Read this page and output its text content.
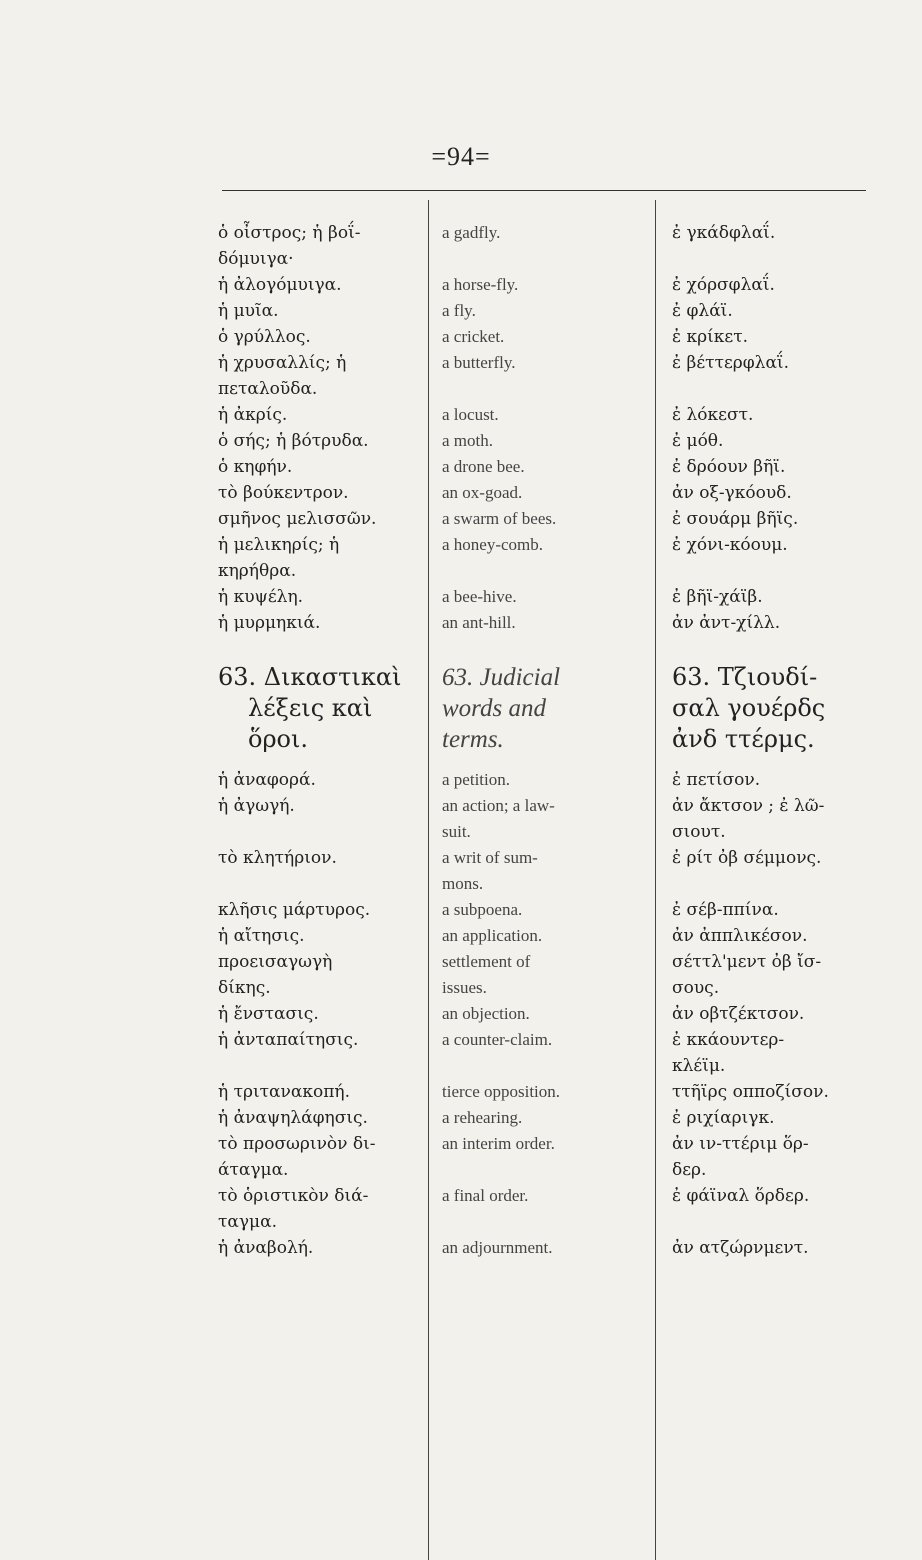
=94=
ὁ οἶστρος; ἡ βοΐ-
δόμυιγα·
ἡ ἀλογόμυιγα.
ἡ μυῖα.
ὁ γρύλλος.
ἡ χρυσαλλίς; ἡ
πεταλοῦδα.
ἡ ἀκρίς.
ὁ σής; ἡ βότρυδα.
ὁ κηφήν.
τὸ βούκεντρον.
σμῆνος μελισσῶν.
ἡ μελικηρίς; ἡ
κηρήθρα.
ἡ κυψέλη.
ἡ μυρμηκιά.
63. Δικαστικαὶ
λέξεις καὶ
ὅροι.
ἡ ἀναφορά.
ἡ ἀγωγή.
τὸ κλητήριον.
κλῆσις μάρτυρος.
ἡ αἴτησις.
προεισαγωγὴ
δίκης.
ἡ ἔνστασις.
ἡ ἀνταπαίτησις.
ἡ τριτανακοπή.
ἡ ἀναψηλάφησις.
τὸ προσωρινὸν δι-
άταγμα.
τὸ ὁριστικὸν διά-
ταγμα.
ἡ ἀναβολή.
a gadfly.
a horse-fly.
a fly.
a cricket.
a butterfly.
a locust.
a moth.
a drone bee.
an ox-goad.
a swarm of bees.
a honey-comb.
a bee-hive.
an ant-hill.
63. Judicial
words and
terms.
a petition.
an action; a law-
suit.
a writ of sum-
mons.
a subpoena.
an application.
settlement of
issues.
an objection.
a counter-claim.
tierce opposition.
a rehearing.
an interim order.
a final order.
an adjournment.
ἐ γκάδφλαΐ.
ἐ χόρσφλαΐ.
ἐ φλάϊ.
ἐ κρίκετ.
ἐ βέττερφλαΐ.
ἐ λόκεστ.
ἐ μόθ.
ἐ δρόουν βῆϊ.
ἀν οξ-γκόουδ.
ἐ σουάρμ βῆϊς.
ἐ χόνι-κόουμ.
ἐ βῆϊ-χάϊβ.
ἀν ἀντ-χίλλ.
63. Τζιουδί-
σαλ γουέρδς
ἀνδ ττέρμς.
ἐ πετίσον.
ἀν ἄκτσον ; ἐ λῶ-
σιουτ.
ἐ ρίτ ὀβ σέμμονς.
ἐ σέβ-ππίνα.
ἀν ἀππλικέσον.
σέττλ'μεντ ὀβ ἴσ-
σους.
ἀν οβτζέκτσον.
ἐ κκάουντερ-
κλέϊμ.
ττῆϊρς οπποζίσον.
ἐ ριχίαριγκ.
ἀν ιν-ττέριμ ὅρ-
δερ.
ἐ φάϊναλ ὅρδερ.
ἀν ατζώρνμεντ.
